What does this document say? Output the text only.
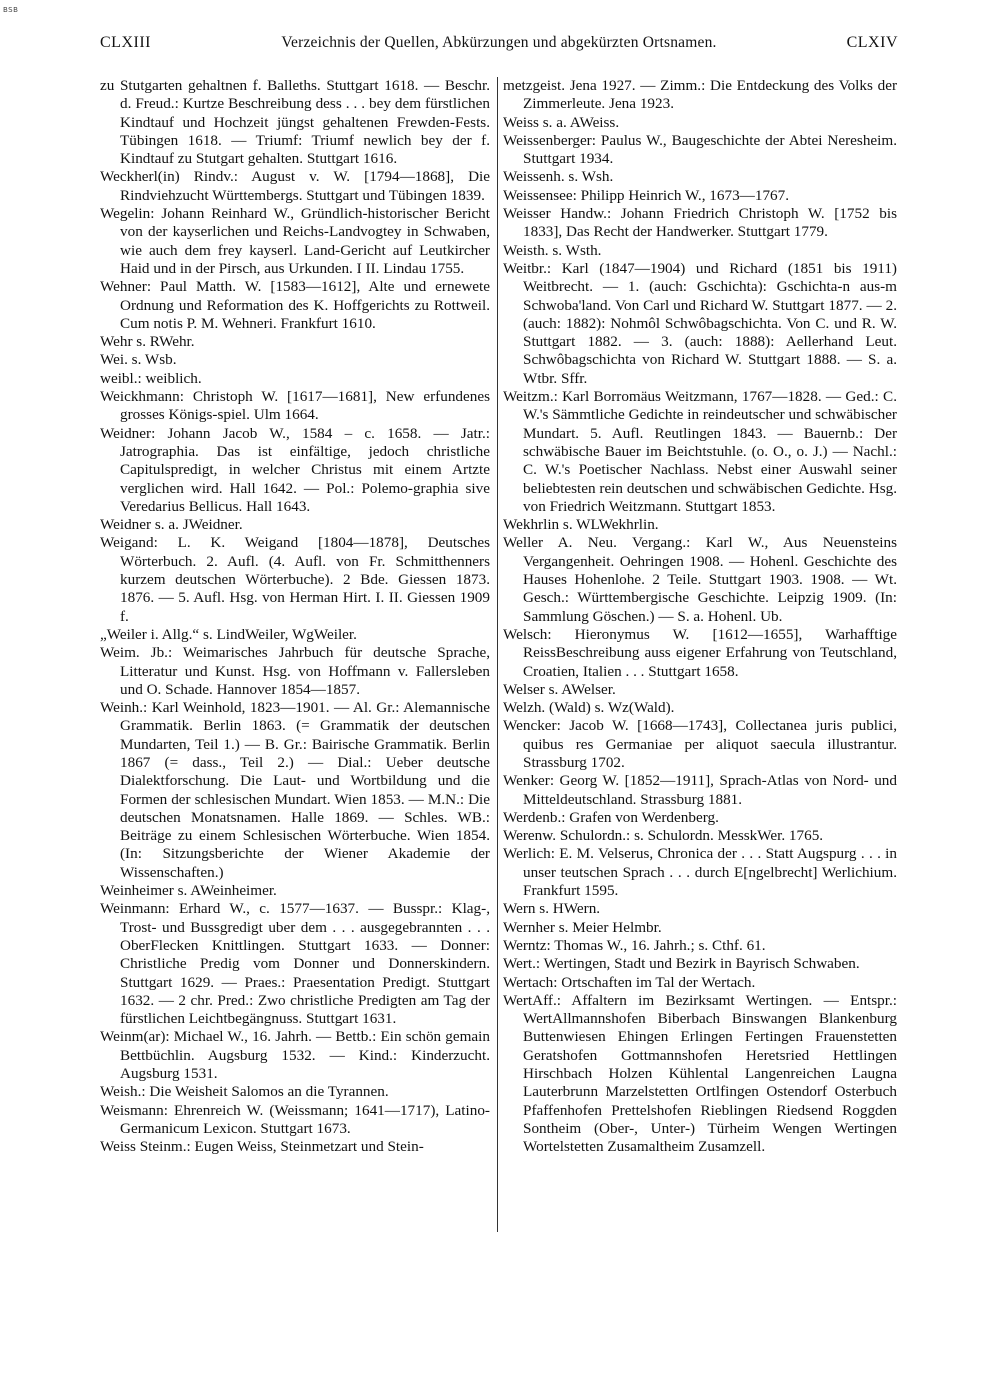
BSB
CLXIII	Verzeichnis der Quellen, Abkürzungen und abgekürzten Ortsnamen.	CLXIV
zu Stutgarten gehaltnen f. Balleths. Stuttgart 1618. — Beschr. d. Freud.: Kurtze Beschreibung dess . . . bey dem fürstlichen Kindtauf und Hochzeit jüngst gehaltenen Frewden-Fests. Tübingen 1618. — Triumf: Triumf newlich bey der f. Kindtauf zu Stutgart gehalten. Stuttgart 1616.
Weckherl(in) Rindv.: August v. W. [1794—1868], Die Rindviehzucht Württembergs. Stuttgart und Tübingen 1839.
Wegelin: Johann Reinhard W., Gründlich-historischer Bericht von der kayserlichen und Reichs-Landvogtey in Schwaben, wie auch dem frey kayserl. Land-Gericht auf Leutkircher Haid und in der Pirsch, aus Urkunden. I II. Lindau 1755.
Wehner: Paul Matth. W. [1583—1612], Alte und ernewete Ordnung und Reformation des K. Hoffgerichts zu Rottweil. Cum notis P. M. Wehneri. Frankfurt 1610.
Wehr s. RWehr.
Wei. s. Wsb.
weibl.: weiblich.
Weickhmann: Christoph W. [1617—1681], New erfundenes grosses Königs-spiel. Ulm 1664.
Weidner: Johann Jacob W., 1584 – c. 1658. — Jatr.: Jatrographia. Das ist einfältige, jedoch christliche Capitulspredigt, in welcher Christus mit einem Artzte verglichen wird. Hall 1642. — Pol.: Polemo-graphia sive Veredarius Bellicus. Hall 1643.
Weidner s. a. JWeidner.
Weigand: L. K. Weigand [1804—1878], Deutsches Wörterbuch. 2. Aufl. (4. Aufl. von Fr. Schmitthenners kurzem deutschen Wörterbuche). 2 Bde. Giessen 1873. 1876. — 5. Aufl. Hsg. von Herman Hirt. I. II. Giessen 1909 f.
„Weiler i. Allg.“ s. LindWeiler, WgWeiler.
Weim. Jb.: Weimarisches Jahrbuch für deutsche Sprache, Litteratur und Kunst. Hsg. von Hoffmann v. Fallersleben und O. Schade. Hannover 1854—1857.
Weinh.: Karl Weinhold, 1823—1901. — Al. Gr.: Alemannische Grammatik. Berlin 1863. (= Grammatik der deutschen Mundarten, Teil 1.) — B. Gr.: Bairische Grammatik. Berlin 1867 (= dass., Teil 2.) — Dial.: Ueber deutsche Dialektforschung. Die Laut- und Wortbildung und die Formen der schlesischen Mundart. Wien 1853. — M.N.: Die deutschen Monatsnamen. Halle 1869. — Schles. WB.: Beiträge zu einem Schlesischen Wörterbuche. Wien 1854. (In: Sitzungsberichte der Wiener Akademie der Wissenschaften.)
Weinheimer s. AWeinheimer.
Weinmann: Erhard W., c. 1577—1637. — Busspr.: Klag-, Trost- und Bussgredigt uber dem . . . ausgegebrannten . . . OberFlecken Knittlingen. Stuttgart 1633. — Donner: Christliche Predig vom Donner und Donnerskindern. Stuttgart 1629. — Praes.: Praesentation Predigt. Stuttgart 1632. — 2 chr. Pred.: Zwo christliche Predigten am Tag der fürstlichen Leichtbegängnuss. Stuttgart 1631.
Weinm(ar): Michael W., 16. Jahrh. — Bettb.: Ein schön gemain Bettbüchlin. Augsburg 1532. — Kind.: Kinderzucht. Augsburg 1531.
Weish.: Die Weisheit Salomos an die Tyrannen.
Weismann: Ehrenreich W. (Weissmann; 1641—1717), Latino-Germanicum Lexicon. Stuttgart 1673.
Weiss Steinm.: Eugen Weiss, Steinmetzart und Stein-
metzgeist. Jena 1927. — Zimm.: Die Entdeckung des Volks der Zimmerleute. Jena 1923.
Weiss s. a. AWeiss.
Weissenberger: Paulus W., Baugeschichte der Abtei Neresheim. Stuttgart 1934.
Weissenh. s. Wsh.
Weissensee: Philipp Heinrich W., 1673—1767.
Weisser Handw.: Johann Friedrich Christoph W. [1752 bis 1833], Das Recht der Handwerker. Stuttgart 1779.
Weisth. s. Wsth.
Weitbr.: Karl (1847—1904) und Richard (1851 bis 1911) Weitbrecht. — 1. (auch: Gschichta): Gschichta-n aus-m Schwoba'land. Von Carl und Richard W. Stuttgart 1877. — 2. (auch: 1882): Nohmôl Schwôbagschichta. Von C. und R. W. Stuttgart 1882. — 3. (auch: 1888): Aellerhand Leut. Schwôbagschichta von Richard W. Stuttgart 1888. — S. a. Wtbr. Sffr.
Weitzm.: Karl Borromäus Weitzmann, 1767—1828. — Ged.: C. W.'s Sämmtliche Gedichte in reindeutscher und schwäbischer Mundart. 5. Aufl. Reutlingen 1843. — Bauernb.: Der schwäbische Bauer im Beichtstuhle. (o. O., o. J.) — Nachl.: C. W.'s Poetischer Nachlass. Nebst einer Auswahl seiner beliebtesten rein deutschen und schwäbischen Gedichte. Hsg. von Friedrich Weitzmann. Stuttgart 1853.
Wekhrlin s. WLWekhrlin.
Weller A. Neu. Vergang.: Karl W., Aus Neuensteins Vergangenheit. Oehringen 1908. — Hohenl. Geschichte des Hauses Hohenlohe. 2 Teile. Stuttgart 1903. 1908. — Wt. Gesch.: Württembergische Geschichte. Leipzig 1909. (In: Sammlung Göschen.) — S. a. Hohenl. Ub.
Welsch: Hieronymus W. [1612—1655], Warhafftige ReissBeschreibung auss eigener Erfahrung von Teutschland, Croatien, Italien . . . Stuttgart 1658.
Welser s. AWelser.
Welzh. (Wald) s. Wz(Wald).
Wencker: Jacob W. [1668—1743], Collectanea juris publici, quibus res Germaniae per aliquot saecula illustrantur. Strassburg 1702.
Wenker: Georg W. [1852—1911], Sprach-Atlas von Nord- und Mitteldeutschland. Strassburg 1881.
Werdenb.: Grafen von Werdenberg.
Werenw. Schulordn.: s. Schulordn. MesskWer. 1765.
Werlich: E. M. Velserus, Chronica der . . . Statt Augspurg . . . in unser teutschen Sprach . . . durch E[ngelbrecht] Werlichium. Frankfurt 1595.
Wern s. HWern.
Wernher s. Meier Helmbr.
Werntz: Thomas W., 16. Jahrh.; s. Cthf. 61.
Wert.: Wertingen, Stadt und Bezirk in Bayrisch Schwaben.
Wertach: Ortschaften im Tal der Wertach.
WertAff.: Affaltern im Bezirksamt Wertingen. — Entspr.: WertAllmannshofen Biberbach Binswangen Blankenburg Buttenwiesen Ehingen Erlingen Fertingen Frauenstetten Geratshofen Gottmannshofen Heretsried Hettlingen Hirschbach Holzen Kühlental Langenreichen Laugna Lauterbrunn Marzelstetten Ortlfingen Ostendorf Osterbuch Pfaffenhofen Prettelshofen Rieblingen Riedsend Roggden Sontheim (Ober-, Unter-) Türheim Wengen Wertingen Wortelstetten Zusamaltheim Zusamzell.
